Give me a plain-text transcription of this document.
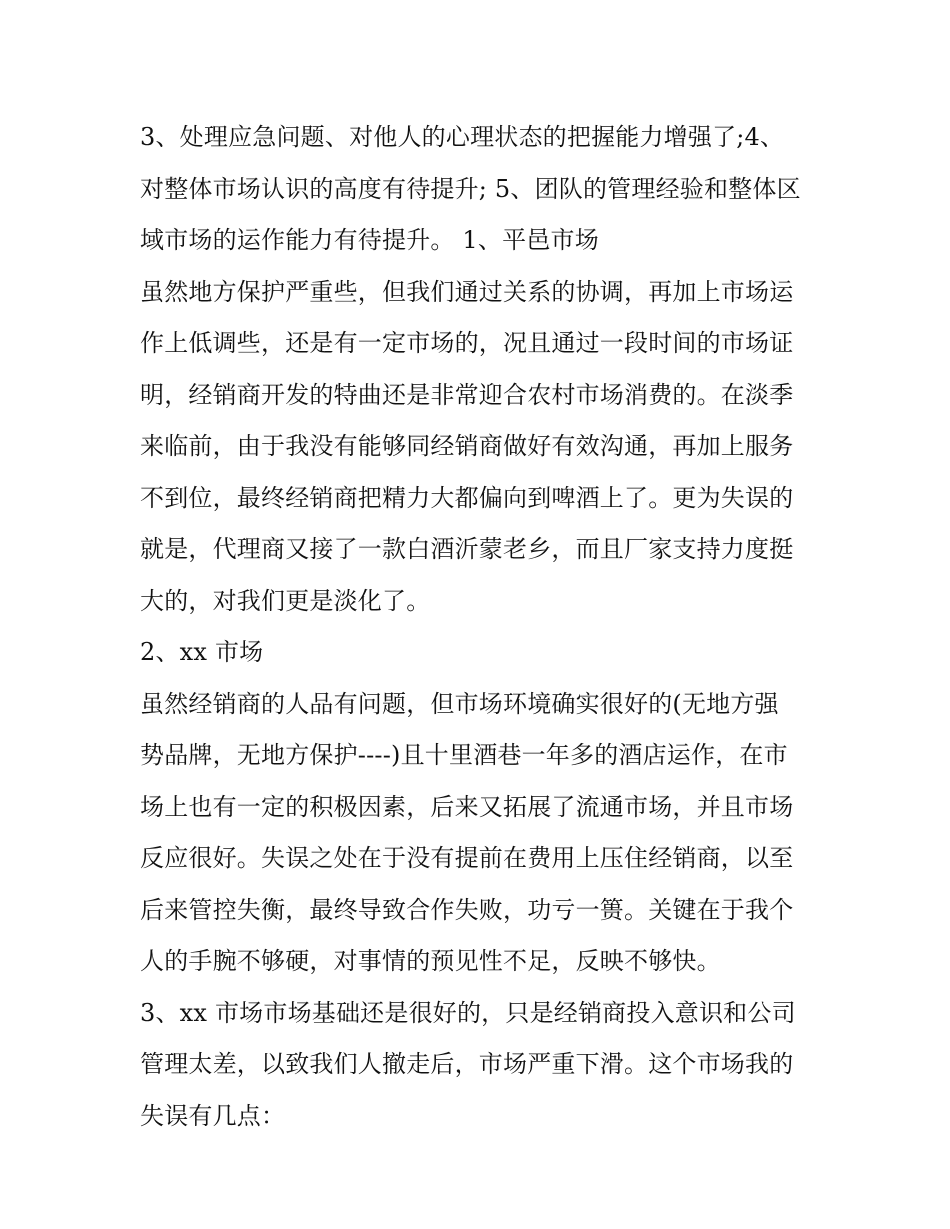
3、处理应急问题、对他人的心理状态的把握能力增强了;4、
对整体市场认识的高度有待提升; 5、团队的管理经验和整体区
域市场的运作能力有待提升。 1、平邑市场
虽然地方保护严重些，但我们通过关系的协调，再加上市场运
作上低调些，还是有一定市场的，况且通过一段时间的市场证
明，经销商开发的特曲还是非常迎合农村市场消费的。在淡季
来临前，由于我没有能够同经销商做好有效沟通，再加上服务
不到位，最终经销商把精力大都偏向到啤酒上了。更为失误的
就是，代理商又接了一款白酒沂蒙老乡，而且厂家支持力度挺
大的，对我们更是淡化了。
2、xx 市场
虽然经销商的人品有问题，但市场环境确实很好的(无地方强
势品牌，无地方保护----)且十里酒巷一年多的酒店运作，在市
场上也有一定的积极因素，后来又拓展了流通市场，并且市场
反应很好。失误之处在于没有提前在费用上压住经销商，以至
后来管控失衡，最终导致合作失败，功亏一篑。关键在于我个
人的手腕不够硬，对事情的预见性不足，反映不够快。
3、xx 市场市场基础还是很好的，只是经销商投入意识和公司
管理太差，以致我们人撤走后，市场严重下滑。这个市场我的
失误有几点：
